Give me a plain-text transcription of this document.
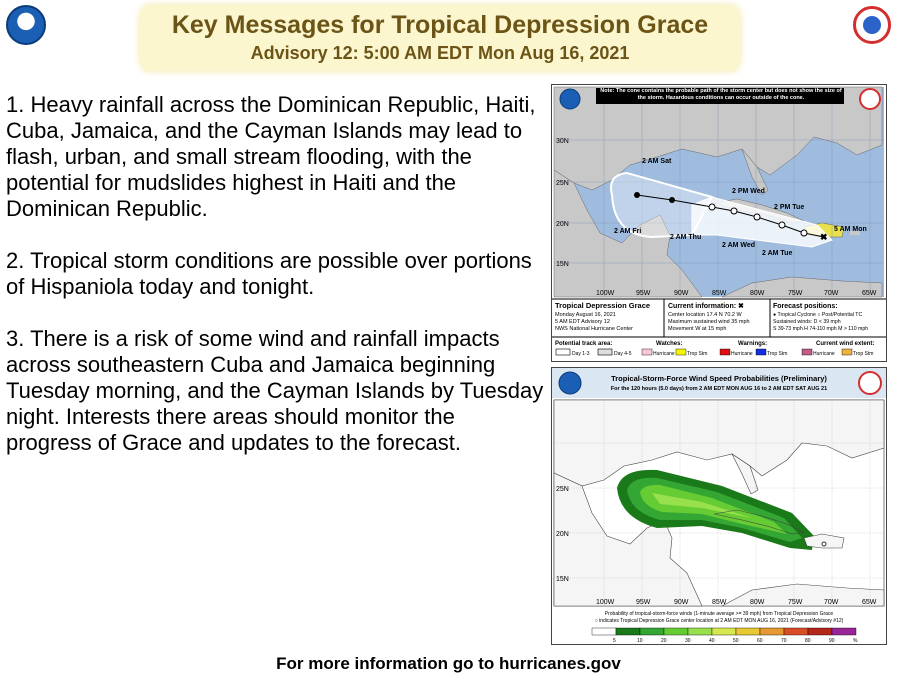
Key Messages for Tropical Depression Grace
Advisory 12: 5:00 AM EDT Mon Aug 16, 2021

1. Heavy rainfall across the Dominican Republic, Haiti, Cuba, Jamaica, and the Cayman Islands may lead to flash, urban, and small stream flooding, with the potential for mudslides highest in Haiti and the Dominican Republic.

2. Tropical storm conditions are possible over portions of Hispaniola today and tonight.

3. There is a risk of some wind and rainfall impacts across southeastern Cuba and Jamaica beginning Tuesday morning, and the Cayman Islands by Tuesday night. Interests there areas should monitor the progress of Grace and updates to the forecast.

✖
30N
25N
20N
15N
100W	95W	90W	85W	80W	75W	70W	65W
2 AM Sat
2 AM Fri
2 AM Thu
2 PM Wed
2 AM Wed
2 PM Tue
2 AM Tue
5 AM Mon
Note: The cone contains the probable path of the storm center but does not show the size of the storm. Hazardous conditions can occur outside of the cone.
Tropical Depression Grace
Monday August 16, 2021
5 AM EDT Advisory 12
NWS National Hurricane Center
Current information: ✖
Center location 17.4 N 70.2 W
Maximum sustained wind 35 mph
Movement W at 15 mph
Forecast positions:
● Tropical Cyclone ○ Post/Potential TC
Sustained winds: D < 39 mph
S 39-73 mph H 74-110 mph M > 110 mph
Potential track area:
Day 1-3	Day 4-5
Watches:
Hurricane Trop Stm
Warnings:
Hurricane	Trop Stm
Current wind extent:
Hurricane	Trop Stm
Tropical-Storm-Force Wind Speed Probabilities (Preliminary)
For the 120 hours (5.0 days) from 2 AM EDT MON AUG 16 to 2 AM EDT SAT AUG 21
25N
20N
15N
100W	95W	90W	85W	80W	75W	70W	65W
Probability of tropical-storm-force winds (1-minute average >= 39 mph) from Tropical Depression Grace
○ indicates Tropical Depression Grace center location at 2 AM EDT MON AUG 16, 2021 (Forecast/Advisory #12)
5	10	20	30	40	50	60	70	80	90	%
For more information go to hurricanes.gov
